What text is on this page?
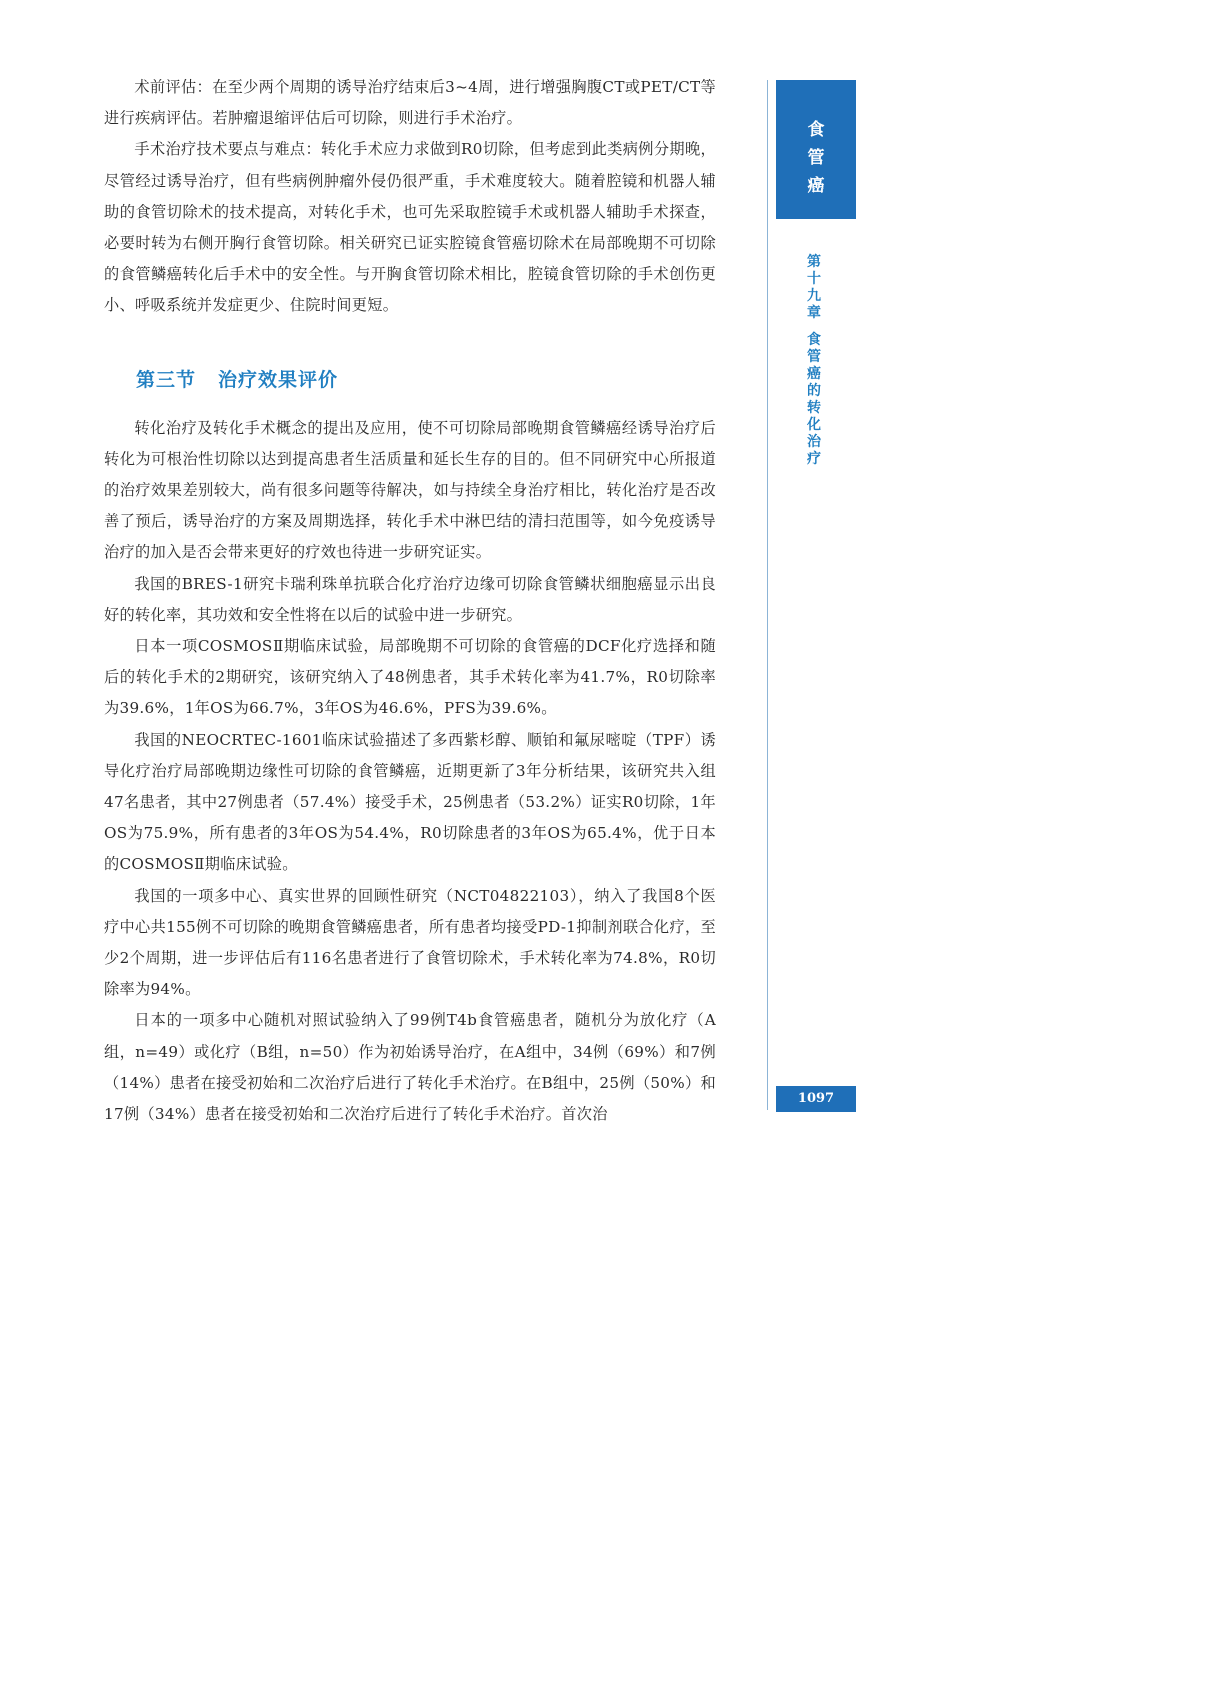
食
管
癌
第
十
九
章
食
管
癌
的
转
化
治
疗
1097

术前评估：在至少两个周期的诱导治疗结束后3~4周，进行增强胸腹CT或PET/CT等进行疾病评估。若肿瘤退缩评估后可切除，则进行手术治疗。

手术治疗技术要点与难点：转化手术应力求做到R0切除，但考虑到此类病例分期晚，尽管经过诱导治疗，但有些病例肿瘤外侵仍很严重，手术难度较大。随着腔镜和机器人辅助的食管切除术的技术提高，对转化手术，也可先采取腔镜手术或机器人辅助手术探查，必要时转为右侧开胸行食管切除。相关研究已证实腔镜食管癌切除术在局部晚期不可切除的食管鳞癌转化后手术中的安全性。与开胸食管切除术相比，腔镜食管切除的手术创伤更小、呼吸系统并发症更少、住院时间更短。

第三节 治疗效果评价

转化治疗及转化手术概念的提出及应用，使不可切除局部晚期食管鳞癌经诱导治疗后转化为可根治性切除以达到提高患者生活质量和延长生存的目的。但不同研究中心所报道的治疗效果差别较大，尚有很多问题等待解决，如与持续全身治疗相比，转化治疗是否改善了预后，诱导治疗的方案及周期选择，转化手术中淋巴结的清扫范围等，如今免疫诱导治疗的加入是否会带来更好的疗效也待进一步研究证实。

我国的BRES-1研究卡瑞利珠单抗联合化疗治疗边缘可切除食管鳞状细胞癌显示出良好的转化率，其功效和安全性将在以后的试验中进一步研究。

日本一项COSMOSⅡ期临床试验，局部晚期不可切除的食管癌的DCF化疗选择和随后的转化手术的2期研究，该研究纳入了48例患者，其手术转化率为41.7%，R0切除率为39.6%，1年OS为66.7%，3年OS为46.6%，PFS为39.6%。

我国的NEOCRTEC-1601临床试验描述了多西紫杉醇、顺铂和氟尿嘧啶（TPF）诱导化疗治疗局部晚期边缘性可切除的食管鳞癌，近期更新了3年分析结果，该研究共入组47名患者，其中27例患者（57.4%）接受手术，25例患者（53.2%）证实R0切除，1年OS为75.9%，所有患者的3年OS为54.4%，R0切除患者的3年OS为65.4%，优于日本的COSMOSⅡ期临床试验。

我国的一项多中心、真实世界的回顾性研究（NCT04822103），纳入了我国8个医疗中心共155例不可切除的晚期食管鳞癌患者，所有患者均接受PD-1抑制剂联合化疗，至少2个周期，进一步评估后有116名患者进行了食管切除术，手术转化率为74.8%，R0切除率为94%。

日本的一项多中心随机对照试验纳入了99例T4b食管癌患者，随机分为放化疗（A组，n=49）或化疗（B组，n=50）作为初始诱导治疗，在A组中，34例（69%）和7例（14%）患者在接受初始和二次治疗后进行了转化手术治疗。在B组中，25例（50%）和17例（34%）患者在接受初始和二次治疗后进行了转化手术治疗。首次治
